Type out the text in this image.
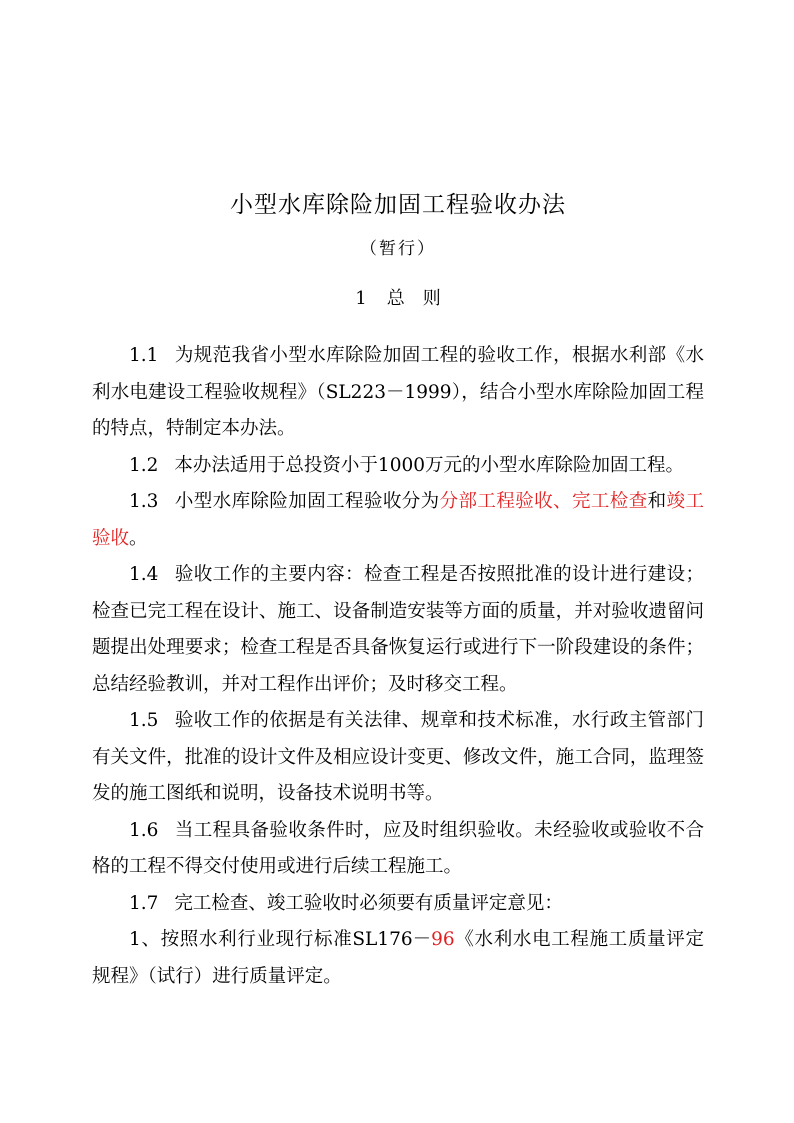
小型水库除险加固工程验收办法
（暂行）
1 总　则

1.1 为规范我省小型水库除险加固工程的验收工作，根据水利部《水利水电建设工程验收规程》（SL223－1999），结合小型水库除险加固工程的特点，特制定本办法。

1.2 本办法适用于总投资小于1000万元的小型水库除险加固工程。

1.3 小型水库除险加固工程验收分为分部工程验收、完工检查和竣工验收。

1.4 验收工作的主要内容：检查工程是否按照批准的设计进行建设；检查已完工程在设计、施工、设备制造安装等方面的质量，并对验收遗留问题提出处理要求；检查工程是否具备恢复运行或进行下一阶段建设的条件；总结经验教训，并对工程作出评价；及时移交工程。

1.5 验收工作的依据是有关法律、规章和技术标准，水行政主管部门有关文件，批准的设计文件及相应设计变更、修改文件，施工合同，监理签发的施工图纸和说明，设备技术说明书等。

1.6 当工程具备验收条件时，应及时组织验收。未经验收或验收不合格的工程不得交付使用或进行后续工程施工。

1.7 完工检查、竣工验收时必须要有质量评定意见：

1、按照水利行业现行标准SL176－96《水利水电工程施工质量评定规程》（试行）进行质量评定。
